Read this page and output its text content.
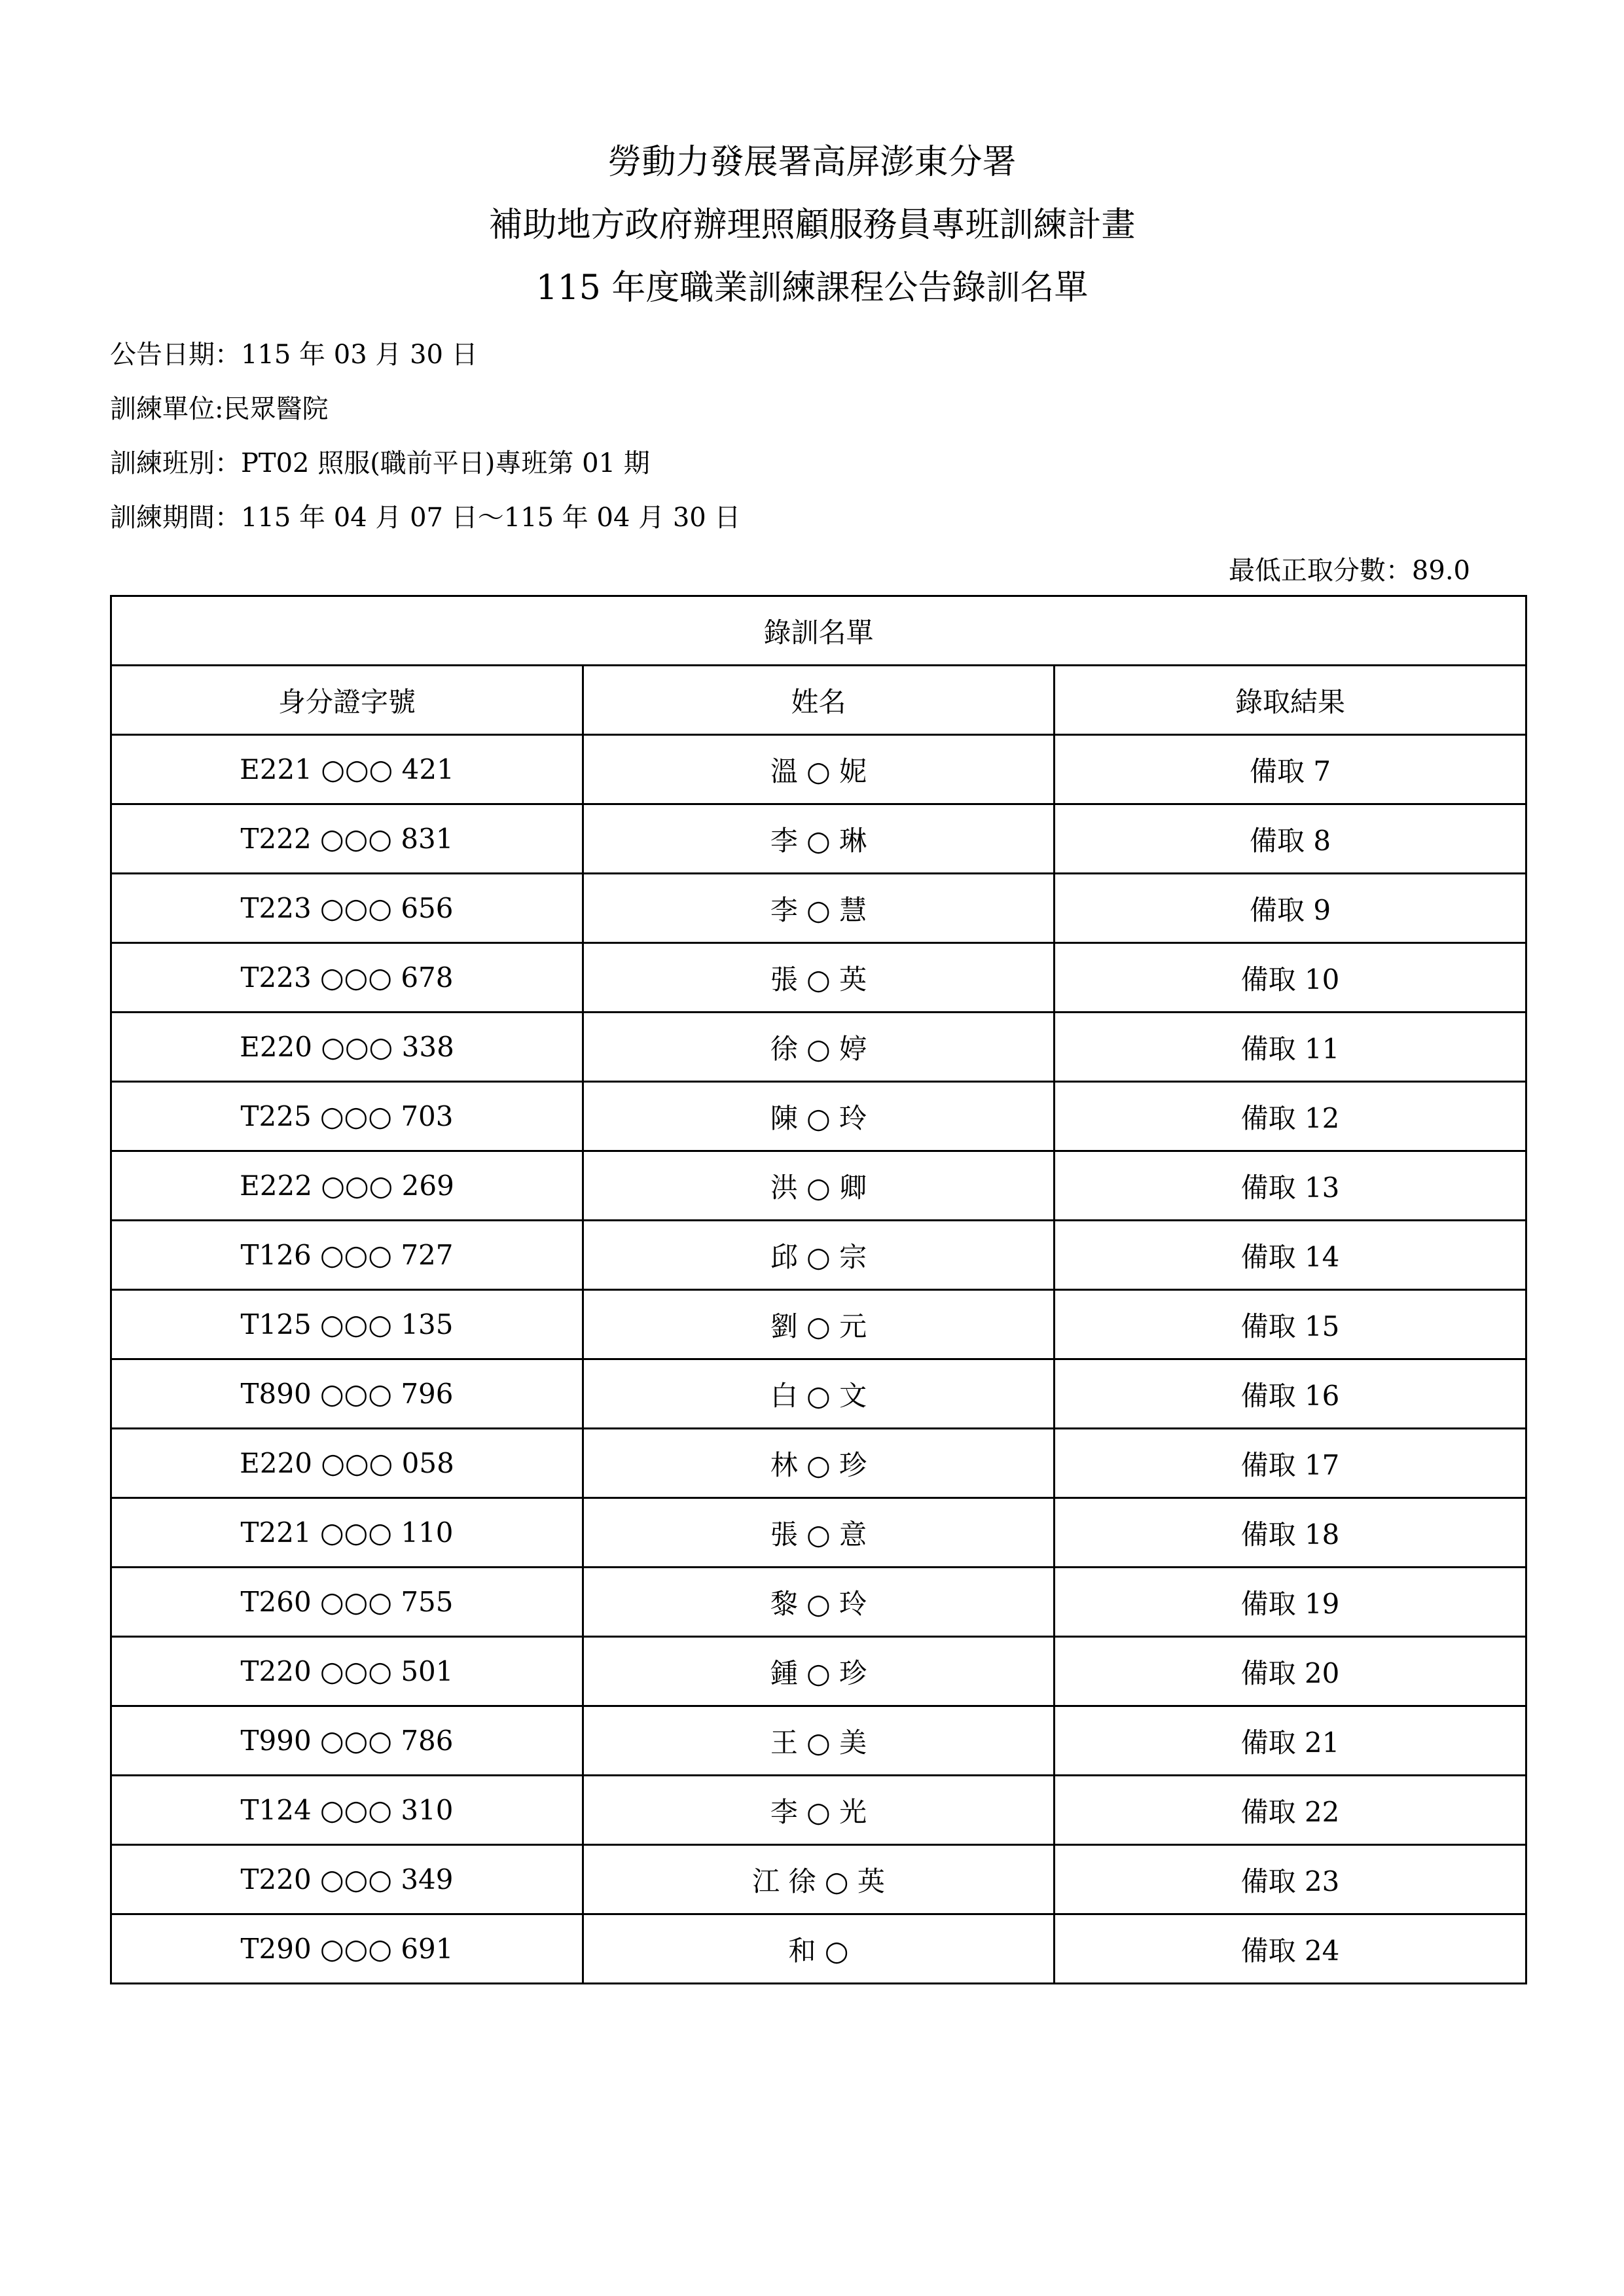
勞動力發展署高屏澎東分署
補助地方政府辦理照顧服務員專班訓練計畫
115 年度職業訓練課程公告錄訓名單
公告日期：115 年 03 月 30 日
訓練單位:民眾醫院
訓練班別：PT02 照服(職前平日)專班第 01 期
訓練期間：115 年 04 月 07 日～115 年 04 月 30 日
最低正取分數：89.0
錄訓名單		
身分證字號	姓名	錄取結果
E221 ○○○ 421	溫 ○ 妮	備取 7
T222 ○○○ 831	李 ○ 琳	備取 8
T223 ○○○ 656	李 ○ 慧	備取 9
T223 ○○○ 678	張 ○ 英	備取 10
E220 ○○○ 338	徐 ○ 婷	備取 11
T225 ○○○ 703	陳 ○ 玲	備取 12
E222 ○○○ 269	洪 ○ 卿	備取 13
T126 ○○○ 727	邱 ○ 宗	備取 14
T125 ○○○ 135	劉 ○ 元	備取 15
T890 ○○○ 796	白 ○ 文	備取 16
E220 ○○○ 058	林 ○ 珍	備取 17
T221 ○○○ 110	張 ○ 意	備取 18
T260 ○○○ 755	黎 ○ 玲	備取 19
T220 ○○○ 501	鍾 ○ 珍	備取 20
T990 ○○○ 786	王 ○ 美	備取 21
T124 ○○○ 310	李 ○ 光	備取 22
T220 ○○○ 349	江 徐 ○ 英	備取 23
T290 ○○○ 691	和 ○	備取 24
